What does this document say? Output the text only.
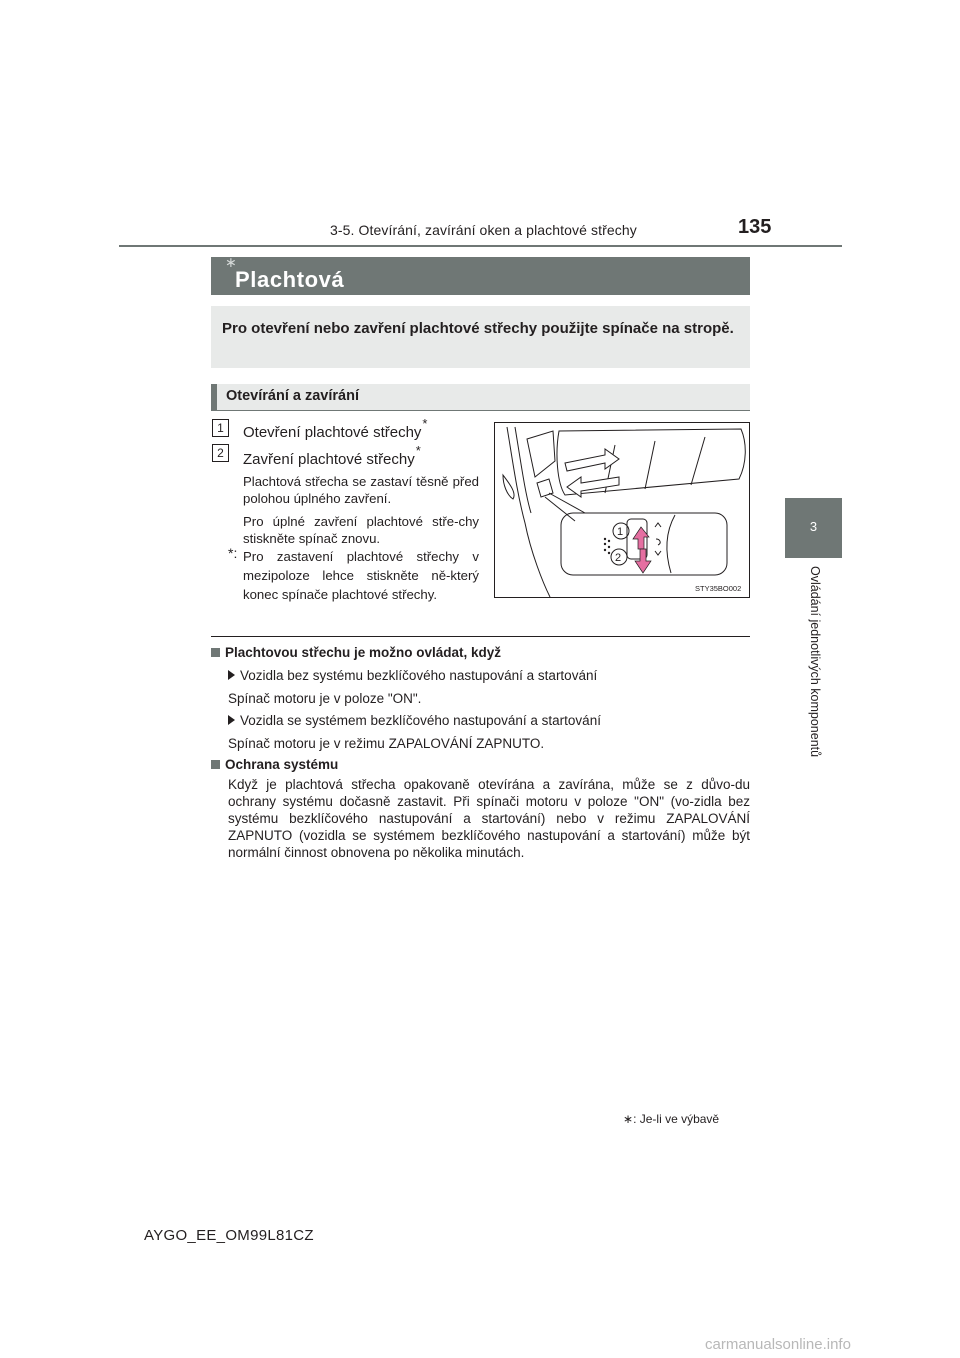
3-5. Otevírání, zavírání oken a plachtové střechy	135
3
Ovládání jednotlivých komponentů
Plachtová
∗
Pro otevření nebo zavření plachtové střechy použijte spínače na stropě.
Otevírání a zavírání
1	Otevření plachtové střechy*
2	Zavření plachtové střechy*
Plachtová střecha se zastaví těsně před polohou úplného zavření.
Pro úplné zavření plachtové stře-chy stiskněte spínač znovu.
*: Pro zastavení plachtové střechy v mezipoloze lehce stiskněte ně-který konec spínače plachtové střechy.
1
2
STY35BO002
Plachtovou střechu je možno ovládat, když
Vozidla bez systému bezklíčového nastupování a startování
Spínač motoru je v poloze "ON".
Vozidla se systémem bezklíčového nastupování a startování
Spínač motoru je v režimu ZAPALOVÁNÍ ZAPNUTO.
Ochrana systému
Když je plachtová střecha opakovaně otevírána a zavírána, může se z důvo-du ochrany systému dočasně zastavit. Při spínači motoru v poloze "ON" (vo-zidla bez systému bezklíčového nastupování a startování) nebo v režimu ZAPALOVÁNÍ ZAPNUTO (vozidla se systémem bezklíčového nastupování a startování) může být normální činnost obnovena po několika minutách.
∗: Je-li ve výbavě
AYGO_EE_OM99L81CZ
carmanualsonline.info
